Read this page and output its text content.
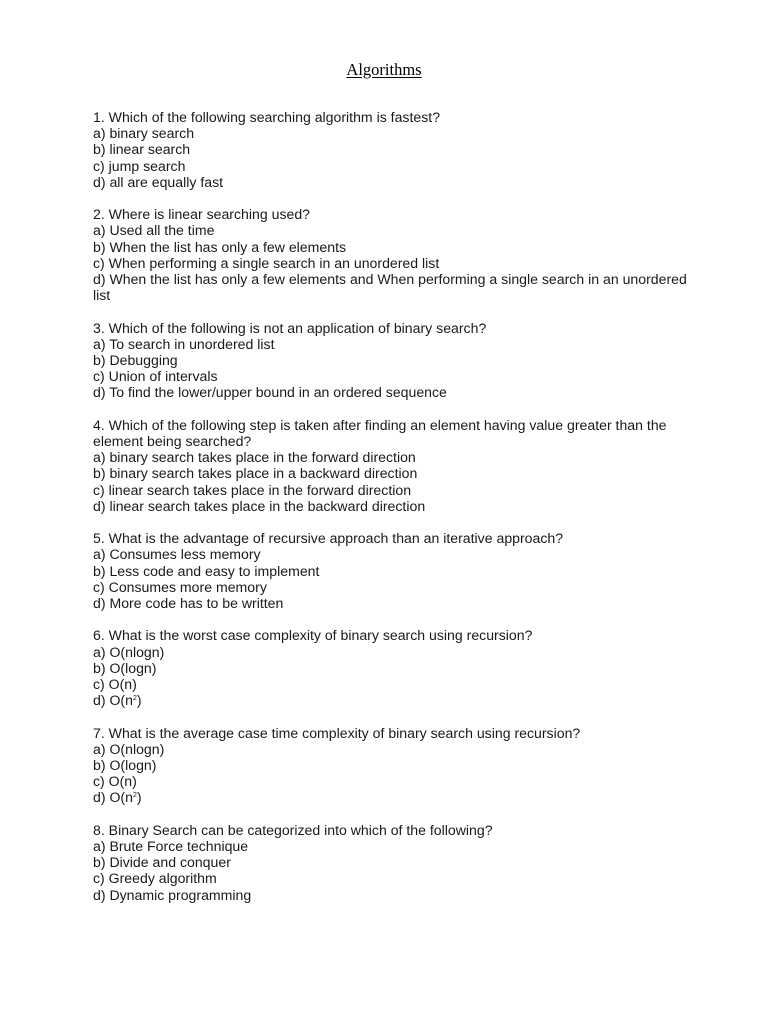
Algorithms
1. Which of the following searching algorithm is fastest?
a) binary search
b) linear search
c) jump search
d) all are equally fast
2. Where is linear searching used?
a) Used all the time
b) When the list has only a few elements
c) When performing a single search in an unordered list
d) When the list has only a few elements and When performing a single search in an unordered list
3. Which of the following is not an application of binary search?
a) To search in unordered list
b) Debugging
c) Union of intervals
d) To find the lower/upper bound in an ordered sequence
4. Which of the following step is taken after finding an element having value greater than the element being searched?
a) binary search takes place in the forward direction
b) binary search takes place in a backward direction
c) linear search takes place in the forward direction
d) linear search takes place in the backward direction
5. What is the advantage of recursive approach than an iterative approach?
a) Consumes less memory
b) Less code and easy to implement
c) Consumes more memory
d) More code has to be written
6. What is the worst case complexity of binary search using recursion?
a) O(nlogn)
b) O(logn)
c) O(n)
d) $O(n^2)$
7. What is the average case time complexity of binary search using recursion?
a) O(nlogn)
b) O(logn)
c) O(n)
d) $O(n^2)$
8. Binary Search can be categorized into which of the following?
a) Brute Force technique
b) Divide and conquer
c) Greedy algorithm
d) Dynamic programming
